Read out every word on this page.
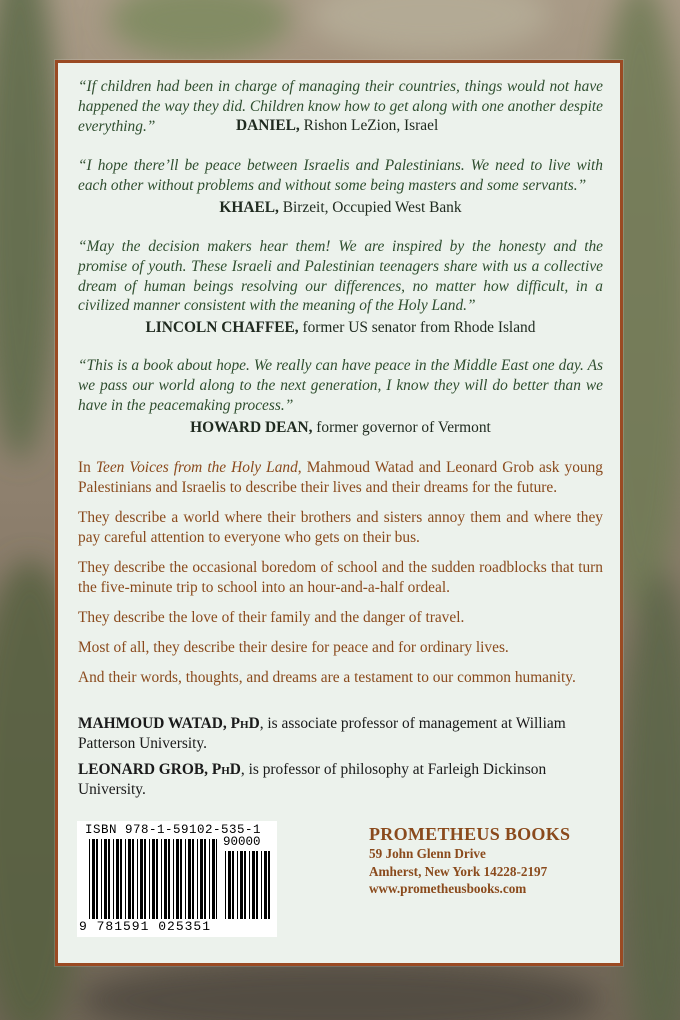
“If children had been in charge of managing their countries, things would not have happened the way they did. Children know how to get along with one another despite everything.”	DANIEL, Rishon LeZion, Israel
“I hope there’ll be peace between Israelis and Palestinians. We need to live with each other without problems and without some being masters and some servants.”
KHAEL, Birzeit, Occupied West Bank
“May the decision makers hear them! We are inspired by the honesty and the promise of youth. These Israeli and Palestinian teenagers share with us a collective dream of human beings resolving our differences, no matter how difficult, in a civilized manner consistent with the meaning of the Holy Land.”
LINCOLN CHAFFEE, former US senator from Rhode Island
“This is a book about hope. We really can have peace in the Middle East one day. As we pass our world along to the next generation, I know they will do better than we have in the peacemaking process.”
HOWARD DEAN, former governor of Vermont

In Teen Voices from the Holy Land, Mahmoud Watad and Leonard Grob ask young Palestinians and Israelis to describe their lives and their dreams for the future.

They describe a world where their brothers and sisters annoy them and where they pay careful attention to everyone who gets on their bus.

They describe the occasional boredom of school and the sudden roadblocks that turn the five-minute trip to school into an hour-and-a-half ordeal.

They describe the love of their family and the danger of travel.

Most of all, they describe their desire for peace and for ordinary lives.

And their words, thoughts, and dreams are a testament to our common humanity.

MAHMOUD WATAD, PhD, is associate professor of management at William Patterson University.

LEONARD GROB, PhD, is professor of philosophy at Farleigh Dickinson University.

ISBN 978-1-59102-535-1
90000
9 781591 025351
PROMETHEUS BOOKS
59 John Glenn Drive
Amherst, New York 14228-2197
www.prometheusbooks.com
